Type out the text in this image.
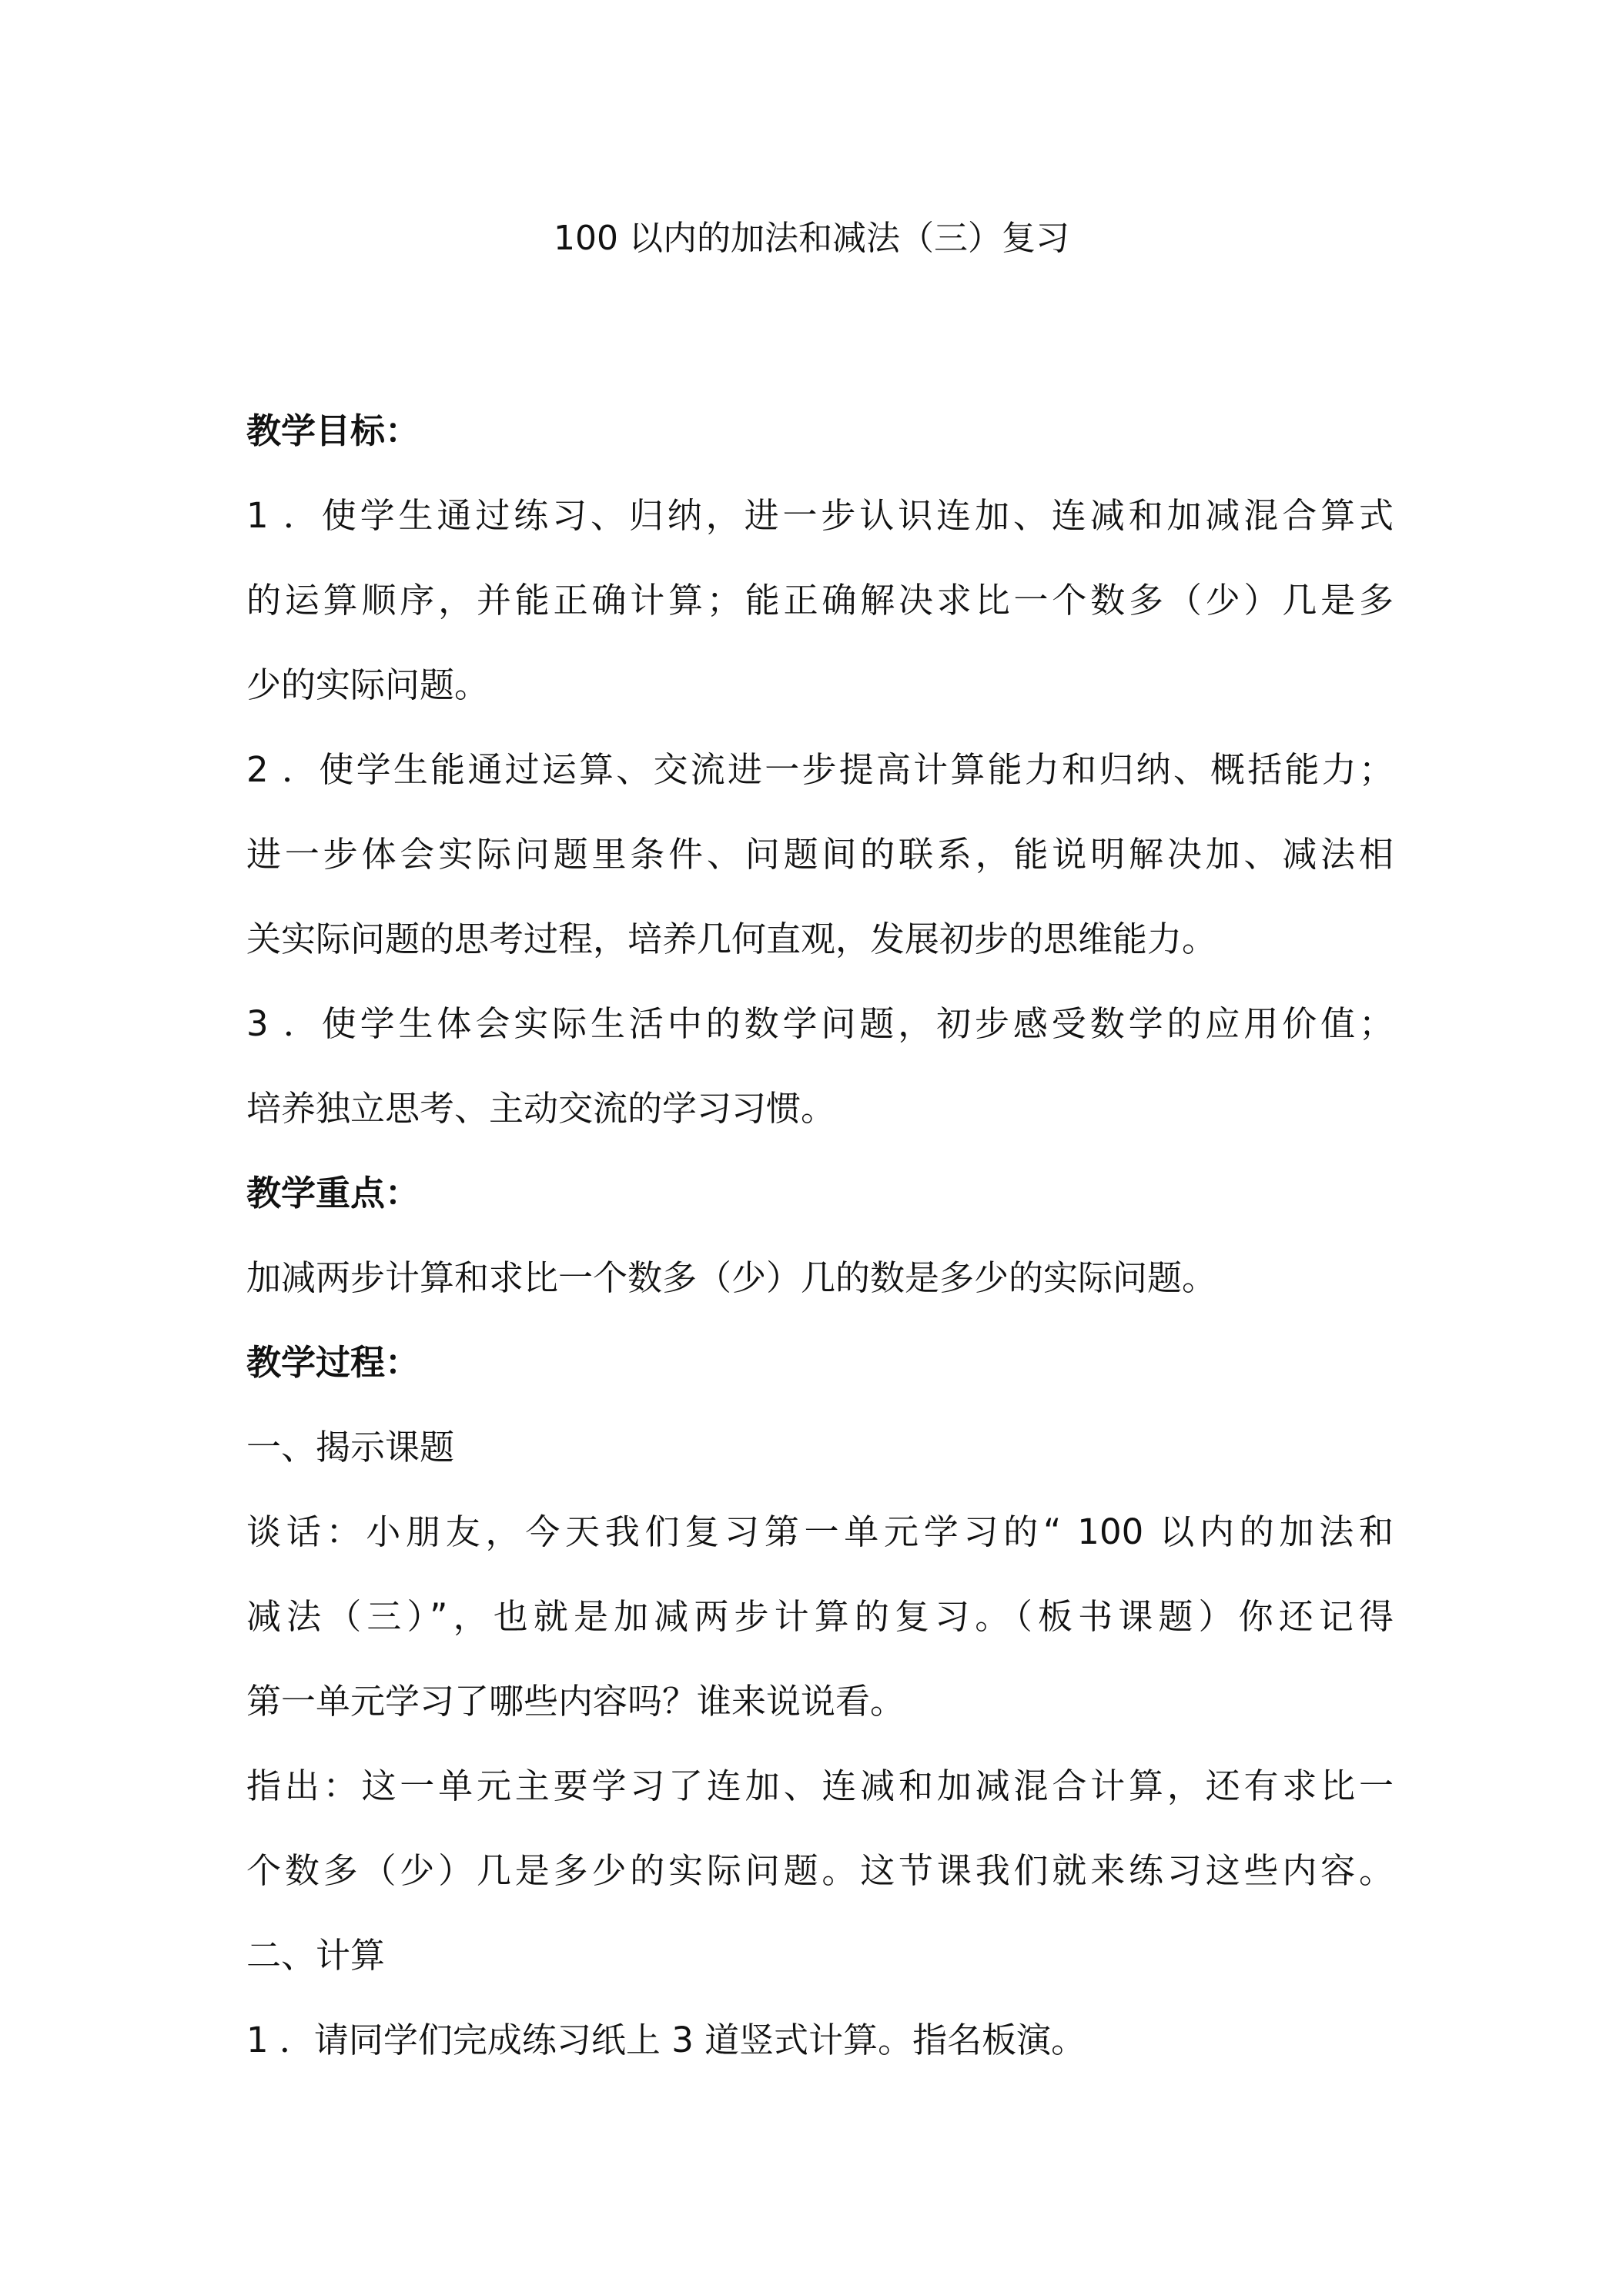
100 以内的加法和减法（三）复习
教学目标：
1 ．使学生通过练习、归纳，进一步认识连加、连减和加减混合算式
的运算顺序，并能正确计算；能正确解决求比一个数多（少）几是多
少的实际问题。
2 ．使学生能通过运算、交流进一步提高计算能力和归纳、概括能力；
进一步体会实际问题里条件、问题间的联系，能说明解决加、减法相
关实际问题的思考过程，培养几何直观，发展初步的思维能力。
3 ．使学生体会实际生活中的数学问题，初步感受数学的应用价值；
培养独立思考、主动交流的学习习惯。
教学重点：
加减两步计算和求比一个数多（少）几的数是多少的实际问题。
教学过程：
一、揭示课题
谈话：小朋友，今天我们复习第一单元学习的“ 100 以内的加法和
减法（三）”，也就是加减两步计算的复习。（板书课题）你还记得
第一单元学习了哪些内容吗？谁来说说看。
指出：这一单元主要学习了连加、连减和加减混合计算，还有求比一
个数多（少）几是多少的实际问题。这节课我们就来练习这些内容。
二、计算
1 ．请同学们完成练习纸上 3 道竖式计算。指名板演。
